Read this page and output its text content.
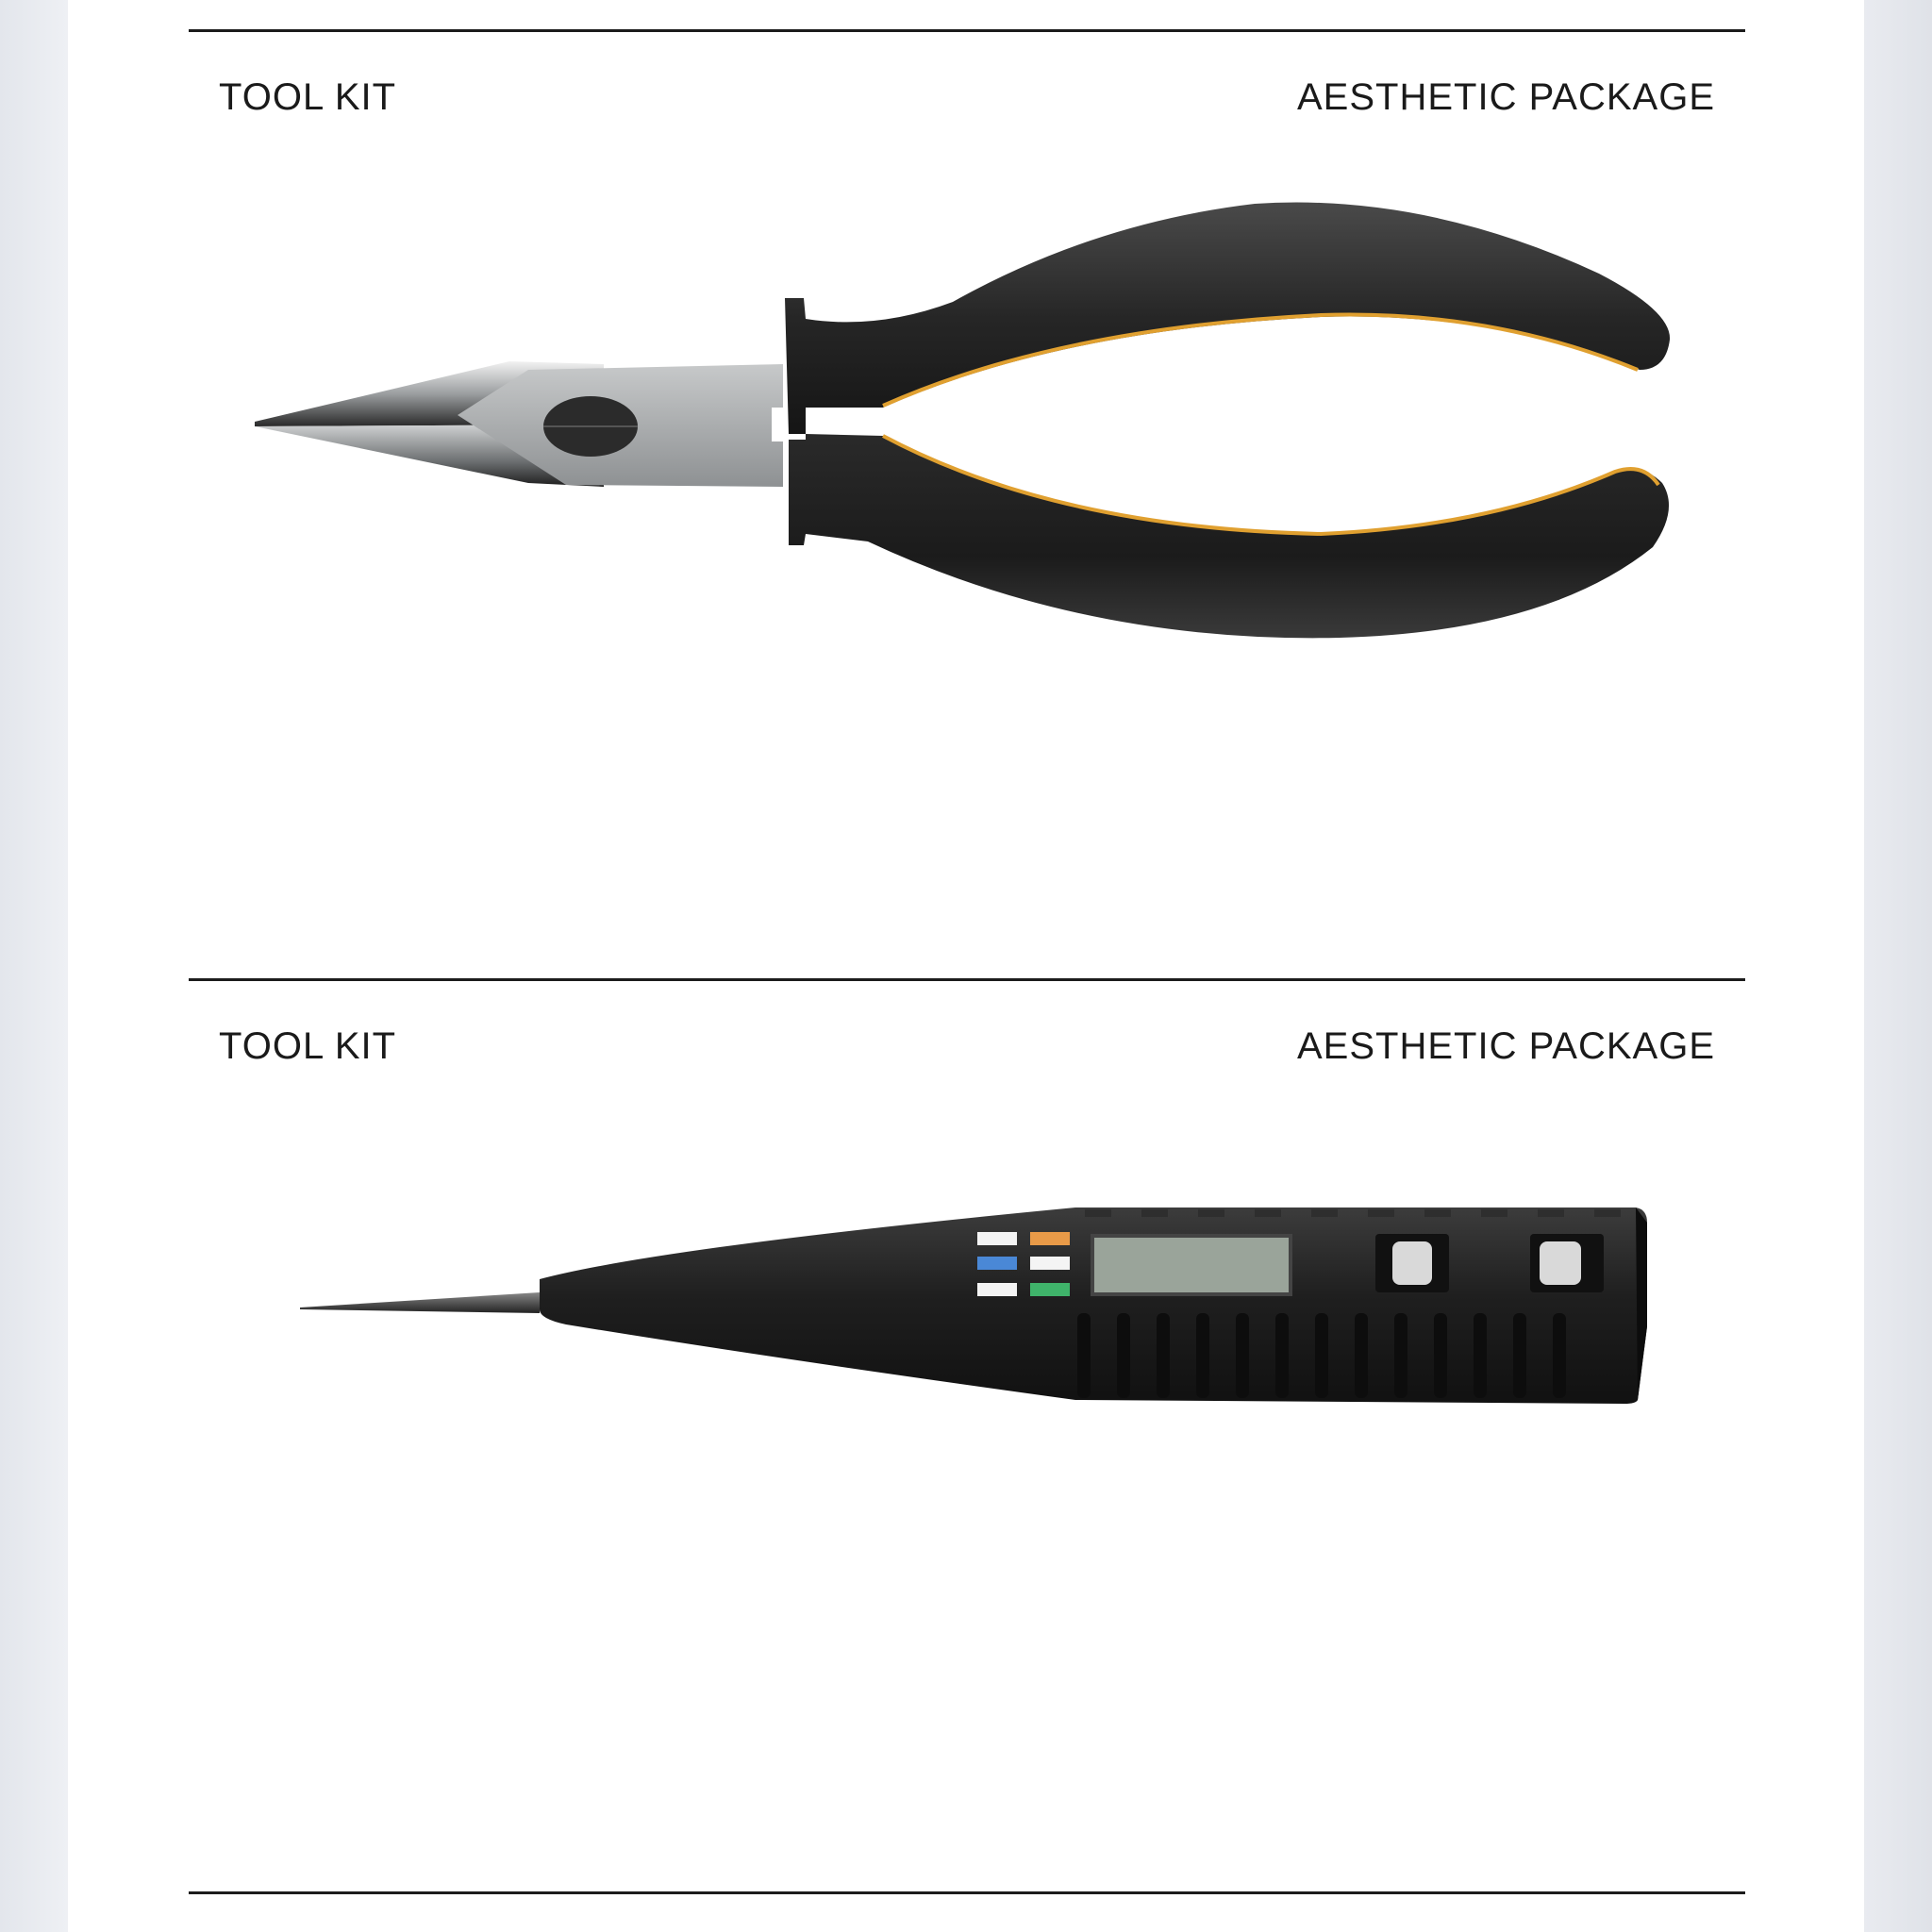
TOOL KIT	AESTHETIC PACKAGE
TOOL KIT	AESTHETIC PACKAGE
